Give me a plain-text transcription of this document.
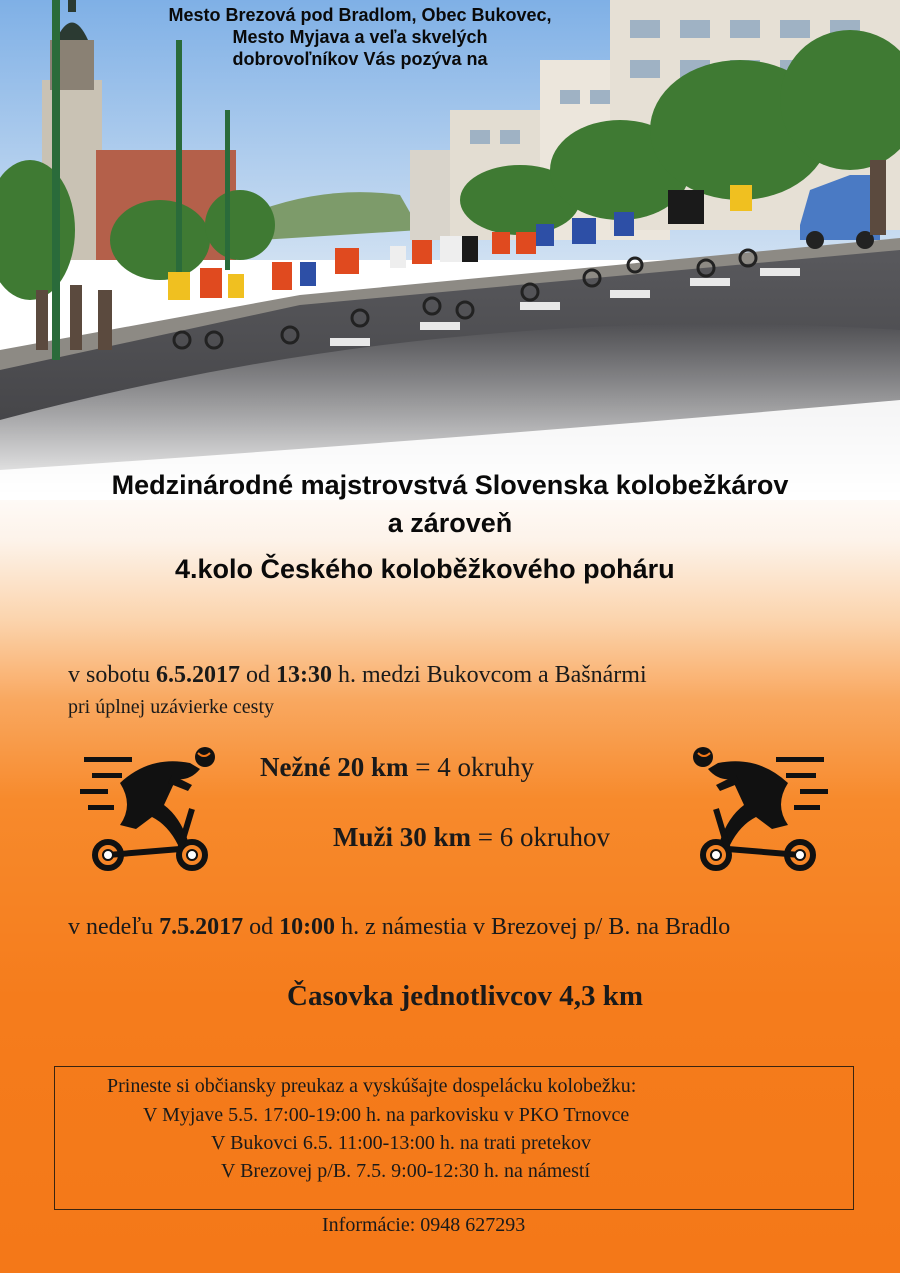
Mesto Brezová pod Bradlom, Obec Bukovec,
Mesto Myjava a veľa skvelých
dobrovoľníkov Vás pozýva na
Medzinárodné majstrovstvá Slovenska kolobežkárov
a zároveň
4.kolo Českého koloběžkového poháru
v sobotu 6.5.2017 od 13:30 h. medzi Bukovcom a Bašnármi
pri úplnej uzávierke cesty
Nežné 20 km = 4 okruhy
Muži 30 km = 6 okruhov
v nedeľu 7.5.2017 od 10:00 h. z námestia v Brezovej p/ B. na Bradlo
Časovka jednotlivcov 4,3 km
Prineste si občiansky preukaz a vyskúšajte dospelácku kolobežku:
V Myjave 5.5. 17:00-19:00 h. na parkovisku v PKO Trnovce
V Bukovci 6.5. 11:00-13:00 h. na trati pretekov
V Brezovej p/B. 7.5. 9:00-12:30 h. na námestí
Informácie: 0948 627293
